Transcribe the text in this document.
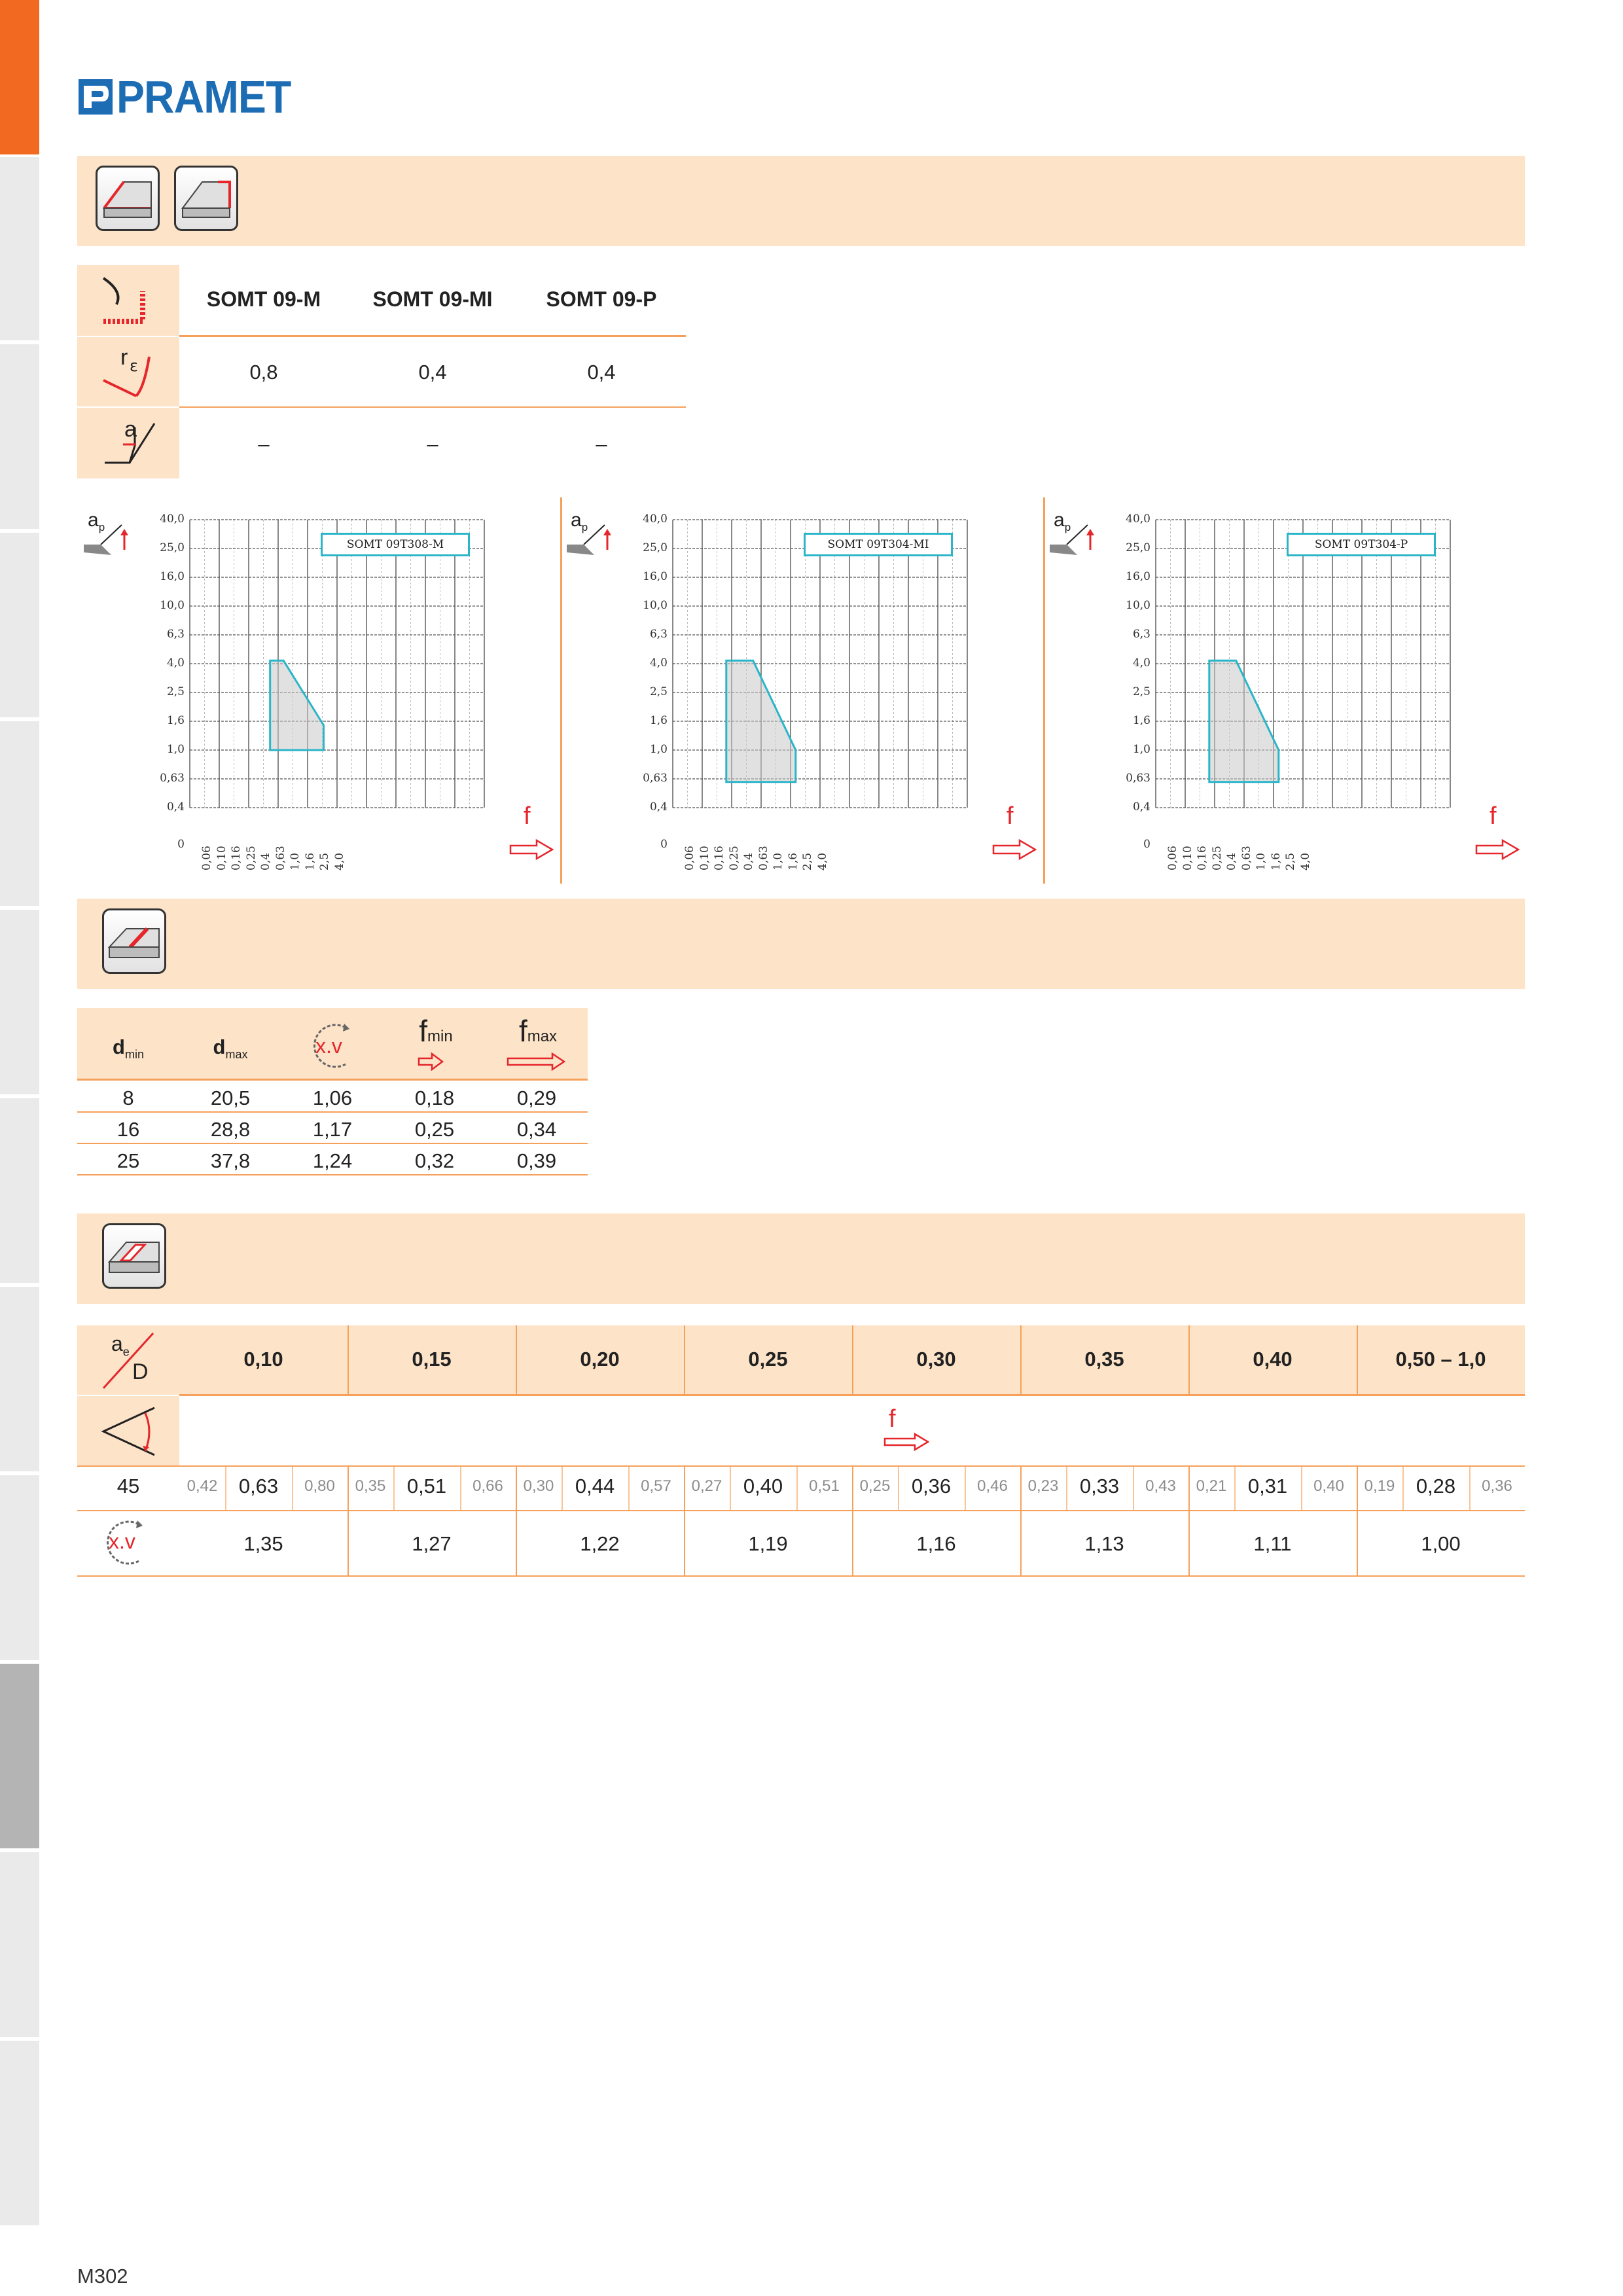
PRAMET
SOMT 09-M	SOMT 09-MI	SOMT 09-P
r ε	0,8	0,4	0,4
a
–	–	–
$a_p$
40,0
25,0
16,0
10,0
6,3
4,0
2,5
1,6
1,0
0,63
0,4
0
0,06 0,10 0,16 0,25 0,4 0,63 1,0 1,6 2,5 4,0
SOMT 09T308-M
f
$a_p$
40,0
25,0
16,0
10,0
6,3
4,0
2,5
1,6
1,0
0,63
0,4
0
0,06 0,10 0,16 0,25 0,4 0,63 1,0 1,6 2,5 4,0
SOMT 09T304-MI
f
$a_p$
40,0
25,0
16,0
10,0
6,3
4,0
2,5
1,6
1,0
0,63
0,4
0
0,06 0,10 0,16 0,25 0,4 0,63 1,0 1,6 2,5 4,0
SOMT 09T304-P
f
$d_{min}$	$d_{max}$	x.v	fmin	fmax
8	20,5	1,06	0,18	0,29
16	28,8	1,17	0,25	0,34
25	37,8	1,24	0,32	0,39
$a_e$
D
0,10	0,15	0,20	0,25	0,30	0,35	0,40	0,50 – 1,0
f
45	0,42	0,63	0,80	0,35	0,51	0,66	0,30	0,44	0,57	0,27	0,40	0,51	0,25	0,36	0,46	0,23	0,33	0,43	0,21	0,31	0,40	0,19	0,28	0,36
x.v	1,35	1,27	1,22	1,19	1,16	1,13	1,11	1,00
M302
